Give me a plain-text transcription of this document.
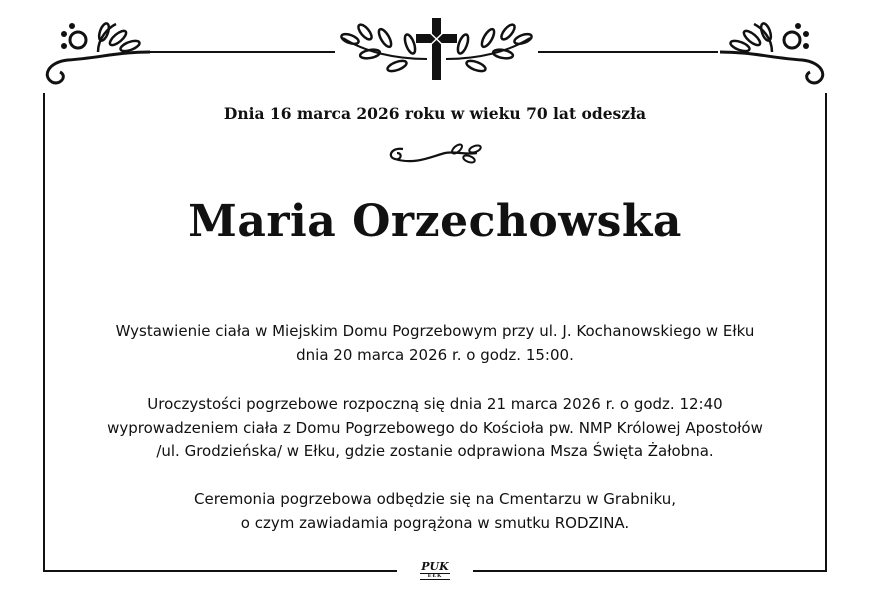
Dnia 16 marca 2026 roku w wieku 70 lat odeszła
Maria Orzechowska
Wystawienie ciała w Miejskim Domu Pogrzebowym przy ul. J. Kochanowskiego w Ełku
dnia 20 marca 2026 r. o godz. 15:00.
Uroczystości pogrzebowe rozpoczną się dnia 21 marca 2026 r. o godz. 12:40
wyprowadzeniem ciała z Domu Pogrzebowego do Kościoła pw. NMP Królowej Apostołów
/ul. Grodzieńska/ w Ełku, gdzie zostanie odprawiona Msza Święta Żałobna.
Ceremonia pogrzebowa odbędzie się na Cmentarzu w Grabniku,
o czym zawiadamia pogrążona w smutku RODZINA.
PUK
EŁK
